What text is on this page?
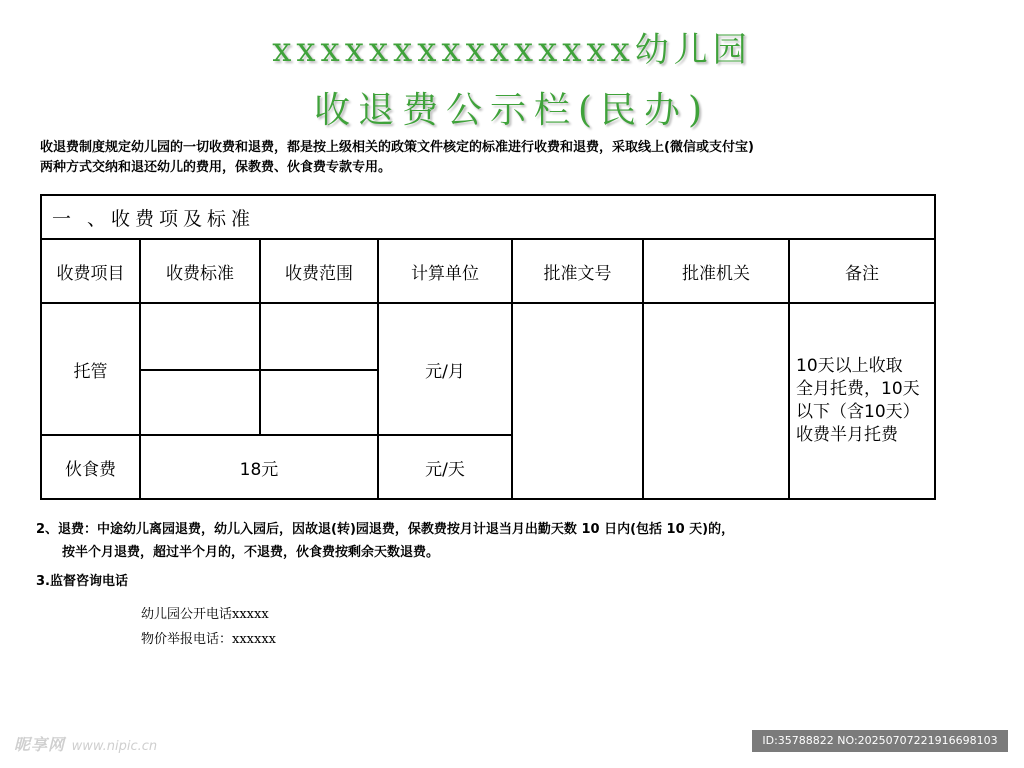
xxxxxxxxxxxxxxx幼儿园
收退费公示栏(民办)
收退费制度规定幼儿园的一切收费和退费，都是按上级相关的政策文件核定的标准进行收费和退费，采取线上(微信或支付宝)
两种方式交纳和退还幼儿的费用，保教费、伙食费专款专用。
一 、收费项及标准						
收费项目	收费标准	收费范围	计算单位	批准文号	批准机关	备注
托管			元/月			10天以上收取
全月托费，10天
以下（含10天）
收费半月托费

伙食费	18元		元/天			
2、退费：中途幼儿离园退费，幼儿入园后，因故退(转)园退费，保教费按月计退当月出勤天数 10 日内(包括 10 天)的，
按半个月退费，超过半个月的，不退费，伙食费按剩余天数退费。
3.监督咨询电话
幼儿园公开电话xxxxx
物价举报电话：xxxxxx
昵享网 www.nipic.cn	ID:35788822 NO:20250707221916698103
